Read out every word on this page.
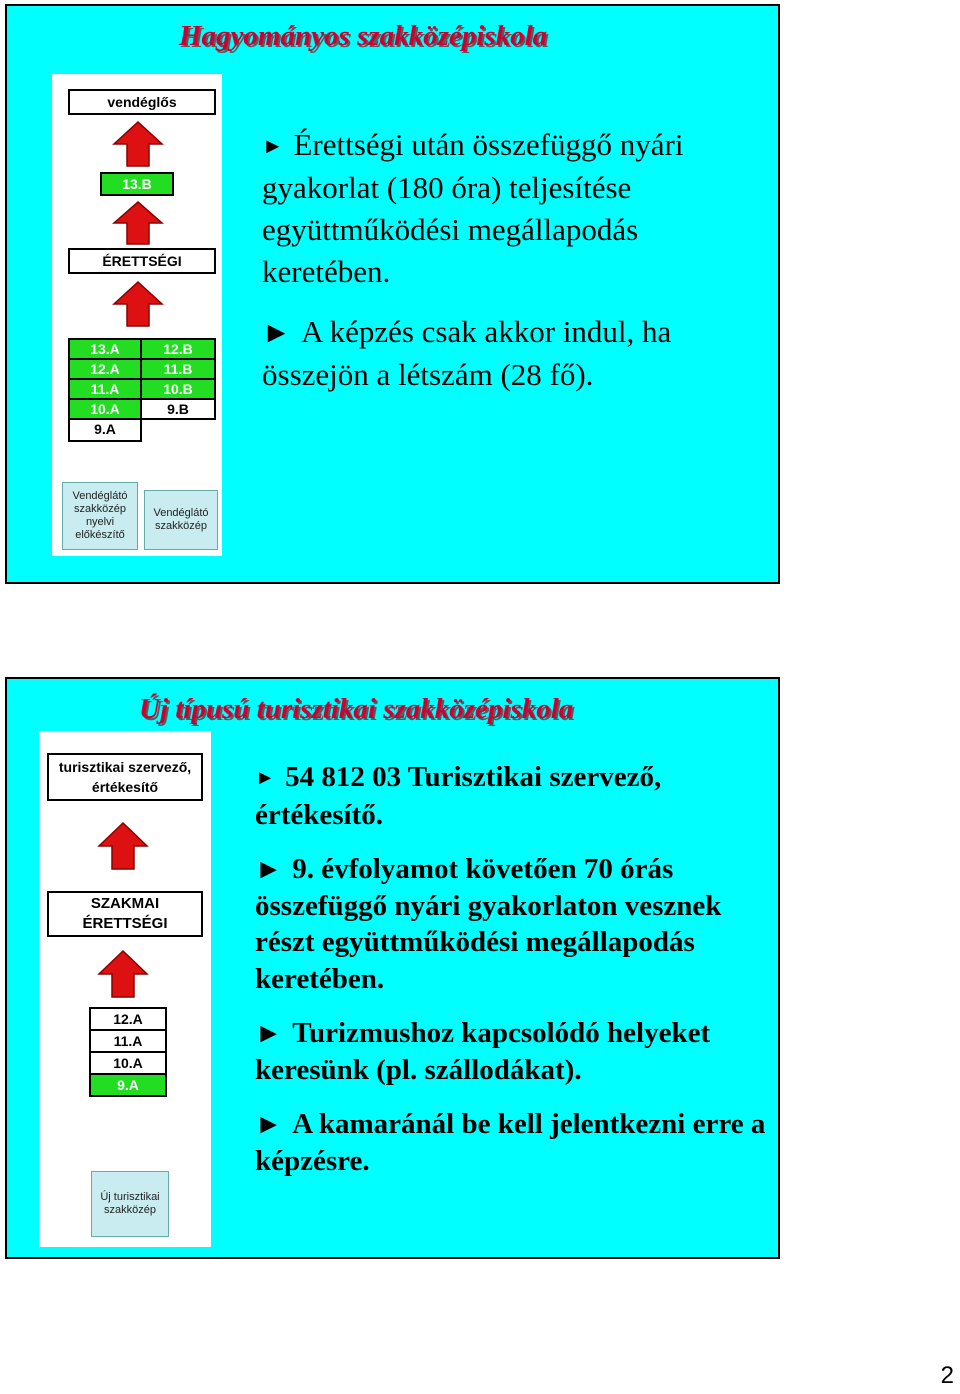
Hagyományos szakközépiskola
vendéglős
13.B
ÉRETTSÉGI
13.A	12.B
12.A	11.B
11.A	10.B
10.A	9.B
9.A
Vendéglátó szakközép nyelvi előkészítő
Vendéglátó szakközép

► Érettségi után összefüggő nyári gyakorlat (180 óra) teljesítése együttműködési megállapodás keretében.

► A képzés csak akkor indul, ha összejön a létszám (28 fő).

Új típusú turisztikai szakközépiskola
turisztikai szervező, értékesítő
SZAKMAI ÉRETTSÉGI
12.A
11.A
10.A
9.A
Új turisztikai szakközép

► 54 812 03 Turisztikai szervező, értékesítő.

► 9. évfolyamot követően 70 órás összefüggő nyári gyakorlaton vesznek részt együttműködési megállapodás keretében.

► Turizmushoz kapcsolódó helyeket keresünk (pl. szállodákat).

► A kamaránál be kell jelentkezni erre a képzésre.

2
